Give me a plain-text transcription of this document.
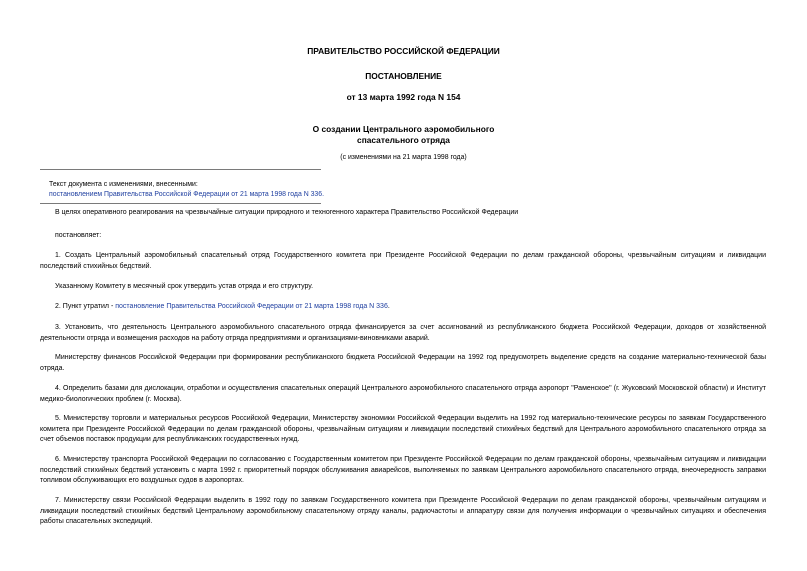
ПРАВИТЕЛЬСТВО РОССИЙСКОЙ ФЕДЕРАЦИИ
ПОСТАНОВЛЕНИЕ
от 13 марта 1992 года N 154
О создании Центрального аэромобильного
спасательного отряда
(с изменениями на 21 марта 1998 года)
Текст документа с изменениями, внесенными:
постановлением Правительства Российской Федерации от 21 марта 1998 года N 336.
В целях оперативного реагирования на чрезвычайные ситуации природного и техногенного характера Правительство Российской Федерации
постановляет:
1. Создать Центральный аэромобильный спасательный отряд Государственного комитета при Президенте Российской Федерации по делам гражданской обороны, чрезвычайным ситуациям и ликвидации последствий стихийных бедствий.
Указанному Комитету в месячный срок утвердить устав отряда и его структуру.
2. Пункт утратил - постановление Правительства Российской Федерации от 21 марта 1998 года N 336.
3. Установить, что деятельность Центрального аэромобильного спасательного отряда финансируется за счет ассигнований из республиканского бюджета Российской Федерации, доходов от хозяйственной деятельности отряда и возмещения расходов на работу отряда предприятиями и организациями-виновниками аварий.
Министерству финансов Российской Федерации при формировании республиканского бюджета Российской Федерации на 1992 год предусмотреть выделение средств на создание материально-технической базы отряда.
4. Определить базами для дислокации, отработки и осуществления спасательных операций Центрального аэромобильного спасательного отряда аэропорт "Раменское" (г. Жуковский Московской области) и Институт медико-биологических проблем (г. Москва).
5. Министерству торговли и материальных ресурсов Российской Федерации, Министерству экономики Российской Федерации выделить на 1992 год материально-технические ресурсы по заявкам Государственного комитета при Президенте Российской Федерации по делам гражданской обороны, чрезвычайным ситуациям и ликвидации последствий стихийных бедствий для Центрального аэромобильного спасательного отряда за счет объемов поставок продукции для республиканских государственных нужд.
6. Министерству транспорта Российской Федерации по согласованию с Государственным комитетом при Президенте Российской Федерации по делам гражданской обороны, чрезвычайным ситуациям и ликвидации последствий стихийных бедствий установить с марта 1992 г. приоритетный порядок обслуживания авиарейсов, выполняемых по заявкам Центрального аэромобильного спасательного отряда, внеочередность заправки топливом обслуживающих его воздушных судов в аэропортах.
7. Министерству связи Российской Федерации выделить в 1992 году по заявкам Государственного комитета при Президенте Российской Федерации по делам гражданской обороны, чрезвычайным ситуациям и ликвидации последствий стихийных бедствий Центральному аэромобильному спасательному отряду каналы, радиочастоты и аппаратуру связи для получения информации о чрезвычайных ситуациях и обеспечения работы спасательных экспедиций.
